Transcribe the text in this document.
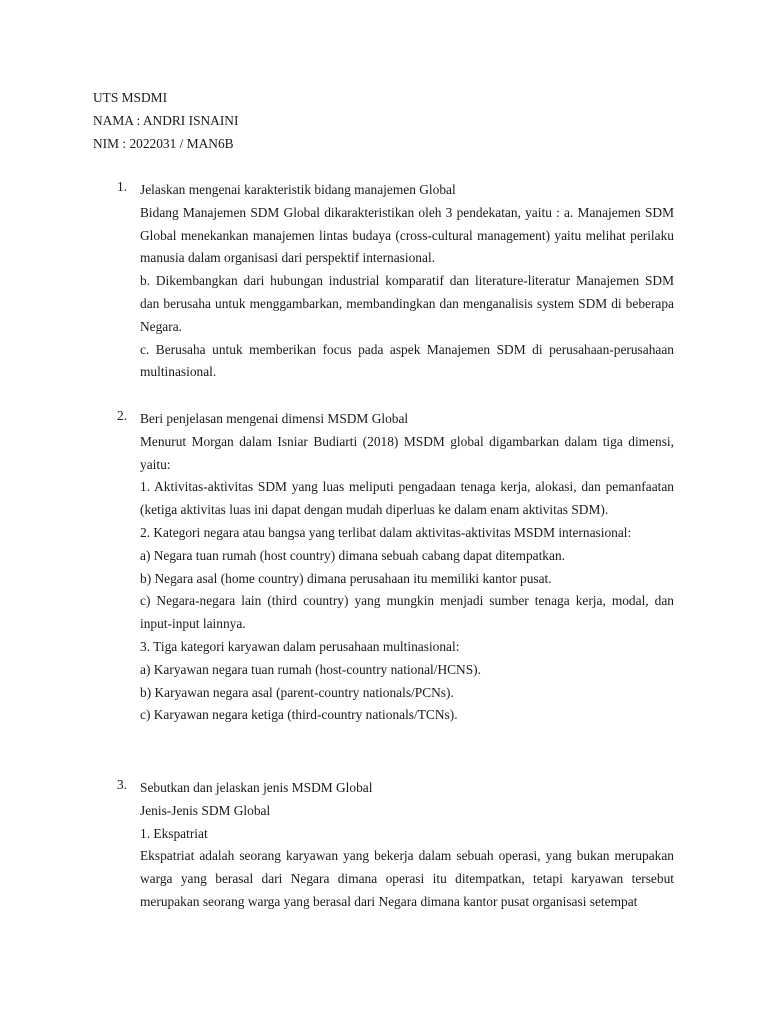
UTS MSDMI
NAMA : ANDRI ISNAINI
NIM : 2022031 / MAN6B
1. Jelaskan mengenai karakteristik bidang manajemen Global

Bidang Manajemen SDM Global dikarakteristikan oleh 3 pendekatan, yaitu : a. Manajemen SDM Global menekankan manajemen lintas budaya (cross-cultural management) yaitu melihat perilaku manusia dalam organisasi dari perspektif internasional.

b. Dikembangkan dari hubungan industrial komparatif dan literature-literatur Manajemen SDM dan berusaha untuk menggambarkan, membandingkan dan menganalisis system SDM di beberapa Negara.

c. Berusaha untuk memberikan focus pada aspek Manajemen SDM di perusahaan-perusahaan multinasional.

2. Beri penjelasan mengenai dimensi MSDM Global

Menurut Morgan dalam Isniar Budiarti (2018) MSDM global digambarkan dalam tiga dimensi, yaitu:

1. Aktivitas-aktivitas SDM yang luas meliputi pengadaan tenaga kerja, alokasi, dan pemanfaatan (ketiga aktivitas luas ini dapat dengan mudah diperluas ke dalam enam aktivitas SDM).

2. Kategori negara atau bangsa yang terlibat dalam aktivitas-aktivitas MSDM internasional:

a) Negara tuan rumah (host country) dimana sebuah cabang dapat ditempatkan.

b) Negara asal (home country) dimana perusahaan itu memiliki kantor pusat.

c) Negara-negara lain (third country) yang mungkin menjadi sumber tenaga kerja, modal, dan input-input lainnya.

3. Tiga kategori karyawan dalam perusahaan multinasional:

a) Karyawan negara tuan rumah (host-country national/HCNS).

b) Karyawan negara asal (parent-country nationals/PCNs).

c) Karyawan negara ketiga (third-country nationals/TCNs).

3. Sebutkan dan jelaskan jenis MSDM Global

Jenis-Jenis SDM Global

1. Ekspatriat

Ekspatriat adalah seorang karyawan yang bekerja dalam sebuah operasi, yang bukan merupakan warga yang berasal dari Negara dimana operasi itu ditempatkan, tetapi karyawan tersebut merupakan seorang warga yang berasal dari Negara dimana kantor pusat organisasi setempat
